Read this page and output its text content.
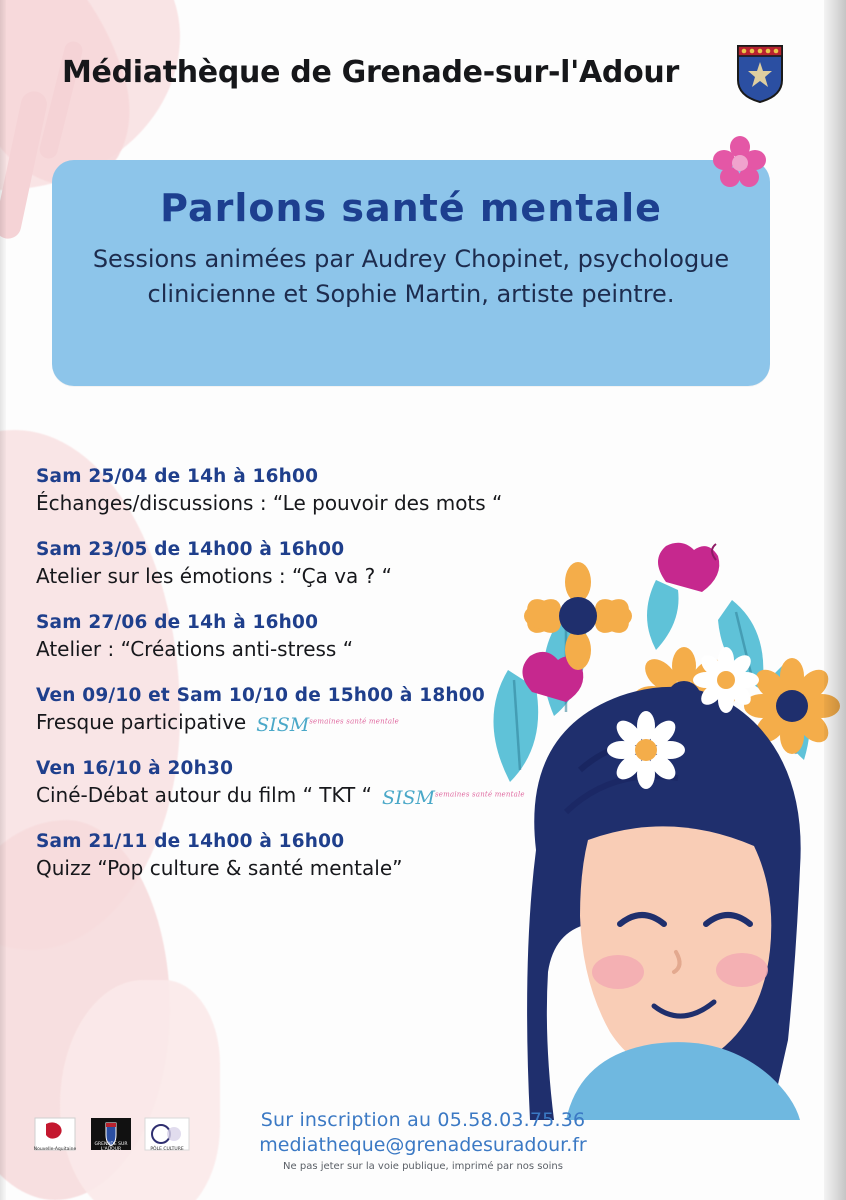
Médiathèque de Grenade-sur-l'Adour
Parlons santé mentale
Sessions animées par Audrey Chopinet, psychologue clinicienne et Sophie Martin, artiste peintre.
Sam 25/04 de 14h à 16h00
Échanges/discussions : “Le pouvoir des mots “
Sam 23/05 de 14h00 à 16h00
Atelier sur les émotions : “Ça va ? “
Sam 27/06 de 14h à 16h00
Atelier : “Créations anti-stress “
Ven 09/10 et Sam 10/10 de 15h00 à 18h00
Fresque participative $SISM^{semaines santé mentale}$
Ven 16/10 à 20h30
Ciné-Débat autour du film “ TKT “ $SISM^{semaines santé mentale}$
Sam 21/11 de 14h00 à 16h00
Quizz “Pop culture & santé mentale”
Nouvelle-Aquitaine
GRENADE SUR L'ADOUR	PÔLE CULTURE
Sur inscription au 05.58.03.75.36
mediatheque@grenadesuradour.fr
Ne pas jeter sur la voie publique, imprimé par nos soins
